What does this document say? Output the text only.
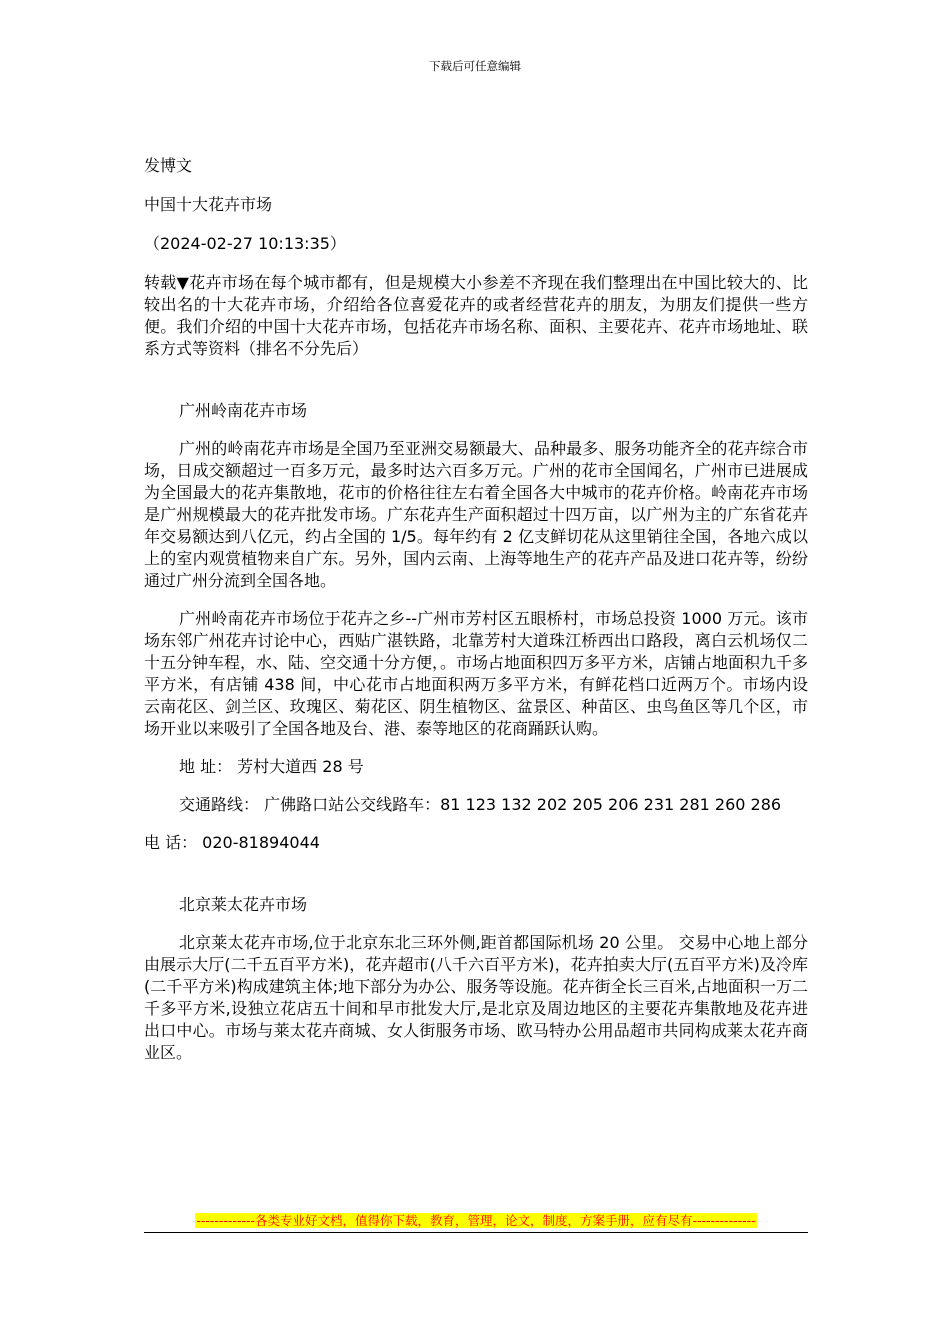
下载后可任意编辑

发博文

中国十大花卉市场

（2024-02-27 10:13:35）

转载▼花卉市场在每个城市都有，但是规模大小参差不齐现在我们整理出在中国比较大的、比较出名的十大花卉市场，介绍给各位喜爱花卉的或者经营花卉的朋友，为朋友们提供一些方便。我们介绍的中国十大花卉市场，包括花卉市场名称、面积、主要花卉、花卉市场地址、联系方式等资料（排名不分先后）

广州岭南花卉市场

广州的岭南花卉市场是全国乃至亚洲交易额最大、品种最多、服务功能齐全的花卉综合市场，日成交额超过一百多万元，最多时达六百多万元。广州的花市全国闻名，广州市已进展成为全国最大的花卉集散地，花市的价格往往左右着全国各大中城市的花卉价格。岭南花卉市场是广州规模最大的花卉批发市场。广东花卉生产面积超过十四万亩，以广州为主的广东省花卉年交易额达到八亿元，约占全国的 1/5。每年约有 2 亿支鲜切花从这里销往全国，各地六成以上的室内观赏植物来自广东。另外，国内云南、上海等地生产的花卉产品及进口花卉等，纷纷通过广州分流到全国各地。

广州岭南花卉市场位于花卉之乡--广州市芳村区五眼桥村，市场总投资 1000 万元。该市场东邻广州花卉讨论中心，西贴广湛铁路，北靠芳村大道珠江桥西出口路段，离白云机场仅二十五分钟车程，水、陆、空交通十分方便，。市场占地面积四万多平方米，店铺占地面积九千多平方米，有店铺 438 间，中心花市占地面积两万多平方米，有鲜花档口近两万个。市场内设云南花区、剑兰区、玫瑰区、菊花区、阴生植物区、盆景区、种苗区、虫鸟鱼区等几个区，市场开业以来吸引了全国各地及台、港、泰等地区的花商踊跃认购。

地 址： 芳村大道西 28 号

交通路线： 广佛路口站公交线路车：81 123 132 202 205 206 231 281 260 286

电 话： 020-81894044

北京莱太花卉市场

北京莱太花卉市场,位于北京东北三环外侧,距首都国际机场 20 公里。 交易中心地上部分由展示大厅(二千五百平方米)，花卉超市(八千六百平方米)，花卉拍卖大厅(五百平方米)及冷库(二千平方米)构成建筑主体;地下部分为办公、服务等设施。花卉街全长三百米,占地面积一万二千多平方米,设独立花店五十间和早市批发大厅,是北京及周边地区的主要花卉集散地及花卉进出口中心。市场与莱太花卉商城、女人街服务市场、欧马特办公用品超市共同构成莱太花卉商业区。

-------------各类专业好文档，值得你下载，教育，管理，论文，制度，方案手册，应有尽有--------------
